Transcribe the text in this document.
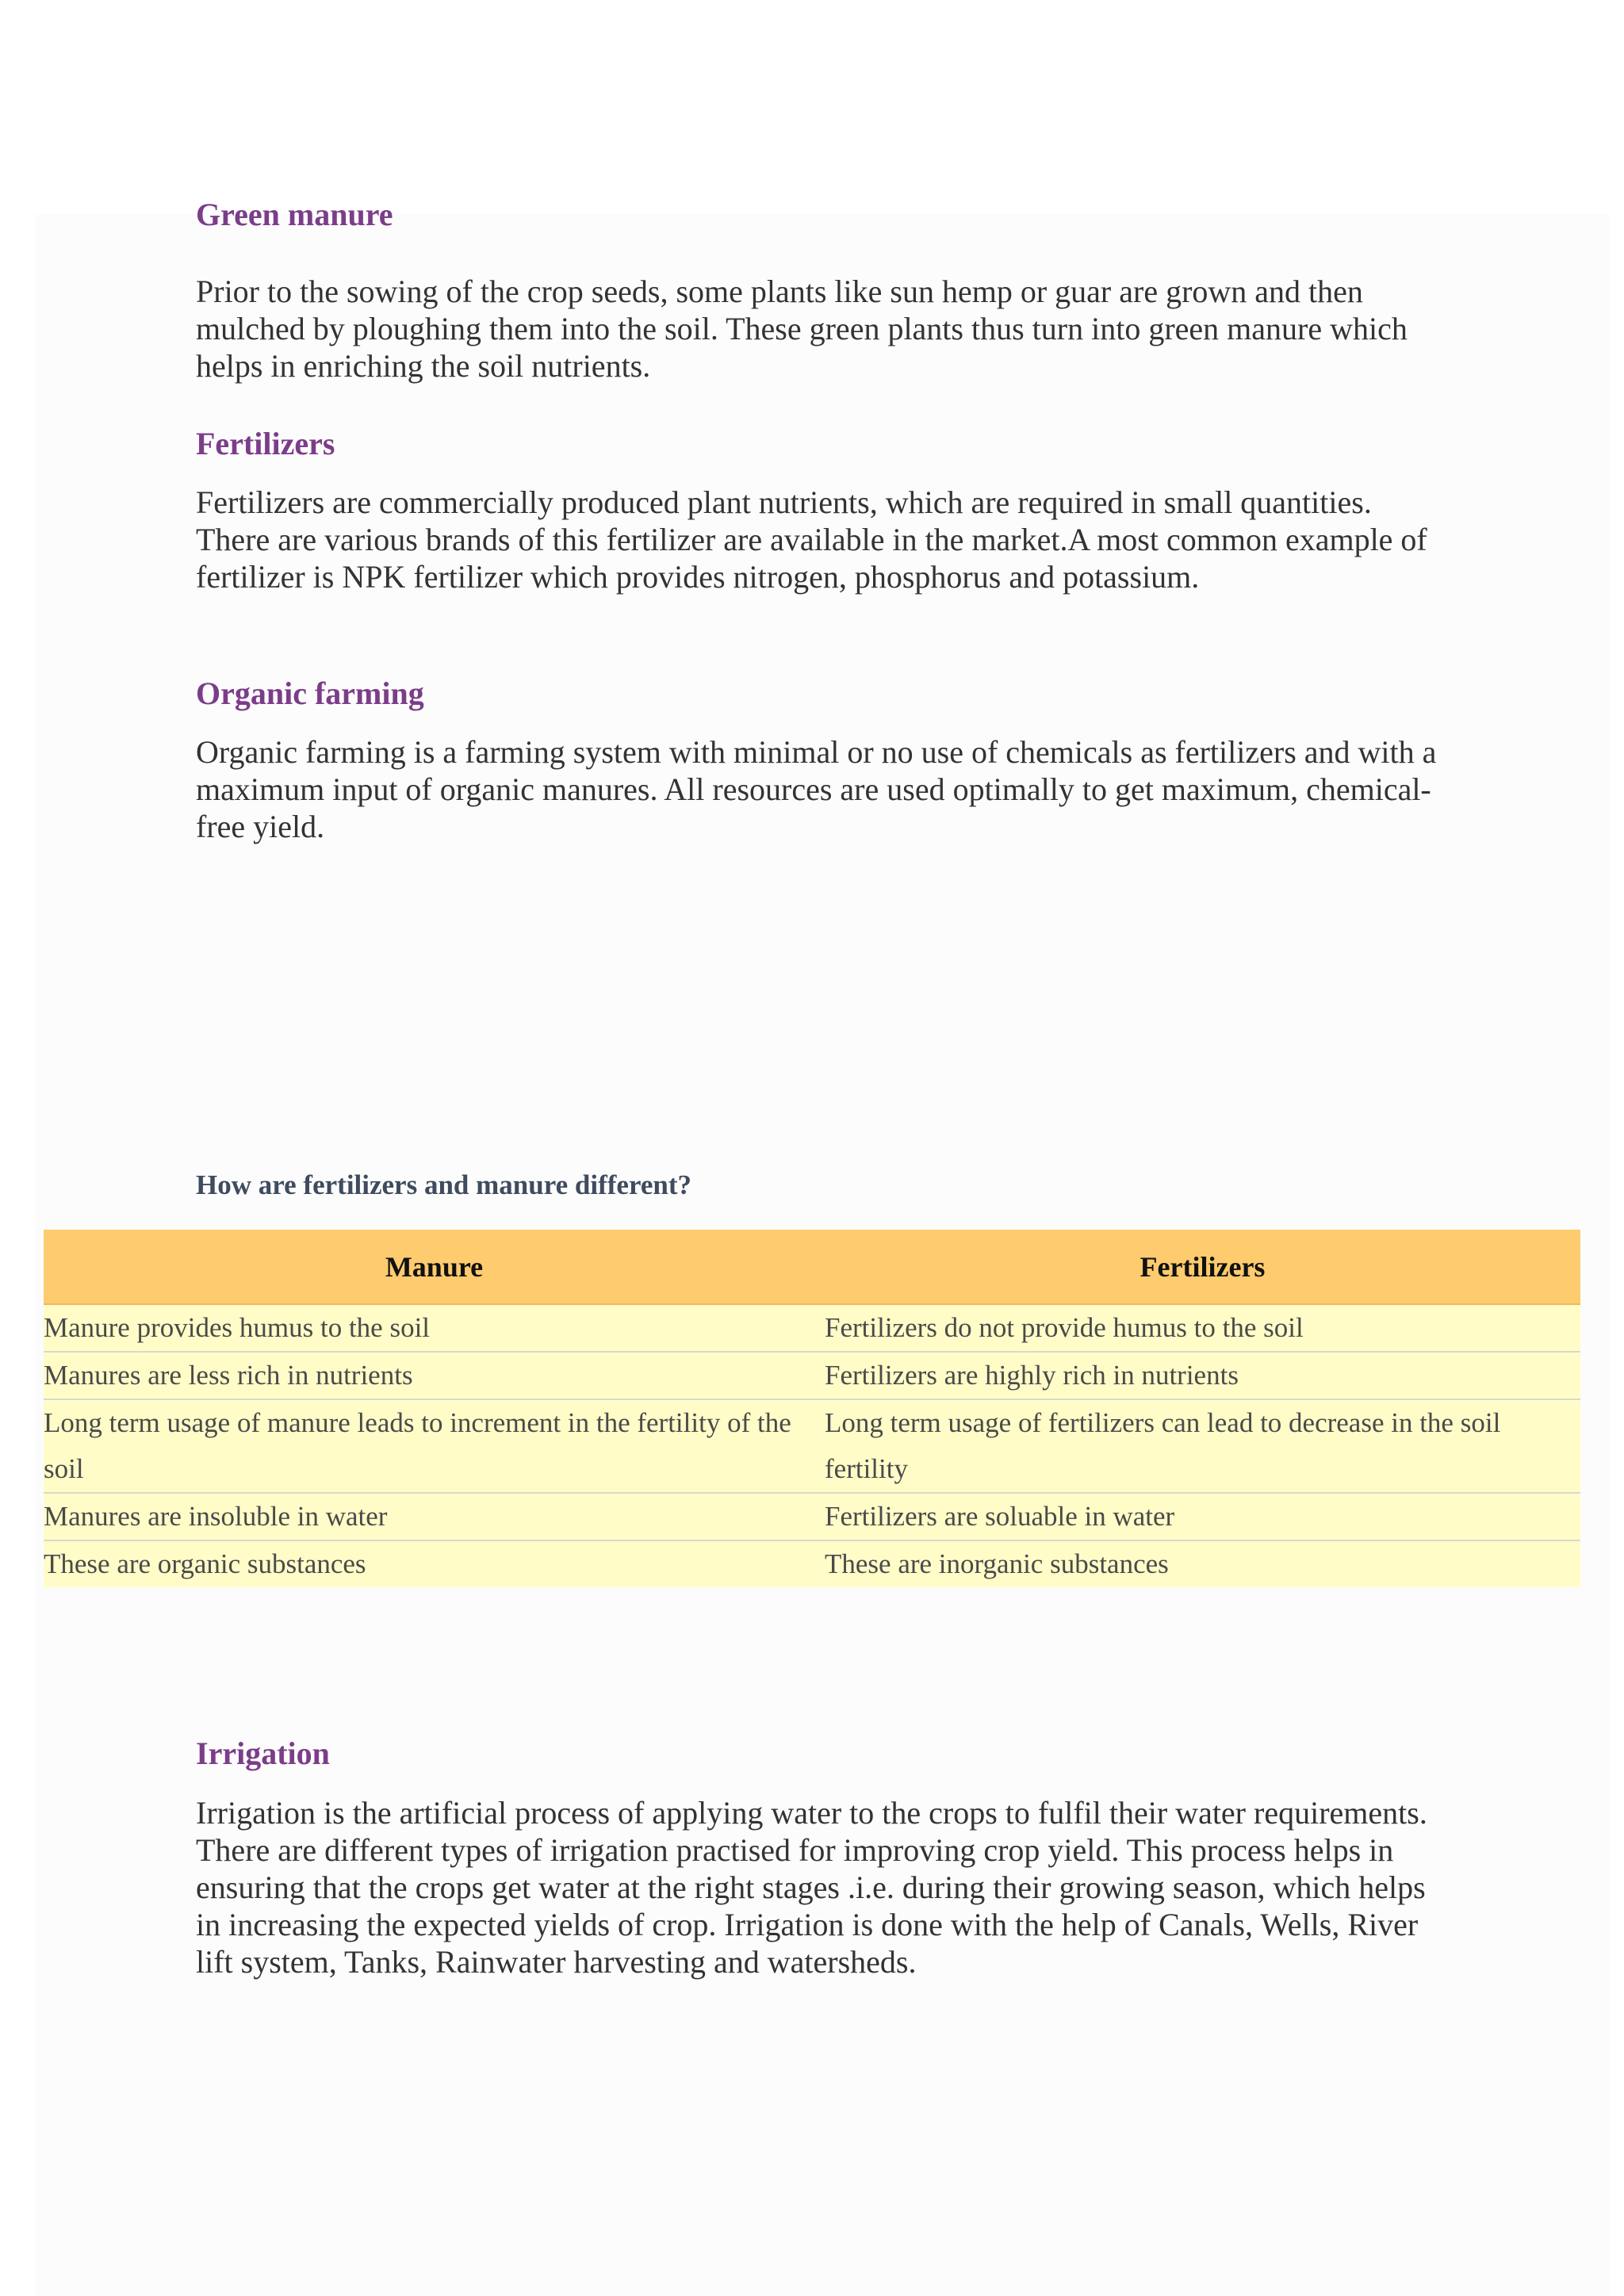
Green manure

Prior to the sowing of the crop seeds, some plants like sun hemp or guar are grown and then mulched by ploughing them into the soil. These green plants thus turn into green manure which helps in enriching the soil nutrients.

Fertilizers

Fertilizers are commercially produced plant nutrients, which are required in small quantities. There are various brands of this fertilizer are available in the market.A most common example of fertilizer is NPK fertilizer which provides nitrogen, phosphorus and potassium.

Organic farming

Organic farming is a farming system with minimal or no use of chemicals as fertilizers and with a maximum input of organic manures. All resources are used optimally to get maximum, chemical-free yield.

How are fertilizers and manure different?
Manure	Fertilizers
Manure provides humus to the soil	Fertilizers do not provide humus to the soil
Manures are less rich in nutrients	Fertilizers are highly rich in nutrients
Long term usage of manure leads to increment in the fertility of the soil	Long term usage of fertilizers can lead to decrease in the soil fertility
Manures are insoluble in water	Fertilizers are soluable in water
These are organic substances	These are inorganic substances
Irrigation

Irrigation is the artificial process of applying water to the crops to fulfil their water requirements. There are different types of irrigation practised for improving crop yield. This process helps in ensuring that the crops get water at the right stages .i.e. during their growing season, which helps in increasing the expected yields of crop. Irrigation is done with the help of Canals, Wells, River lift system, Tanks, Rainwater harvesting and watersheds.
